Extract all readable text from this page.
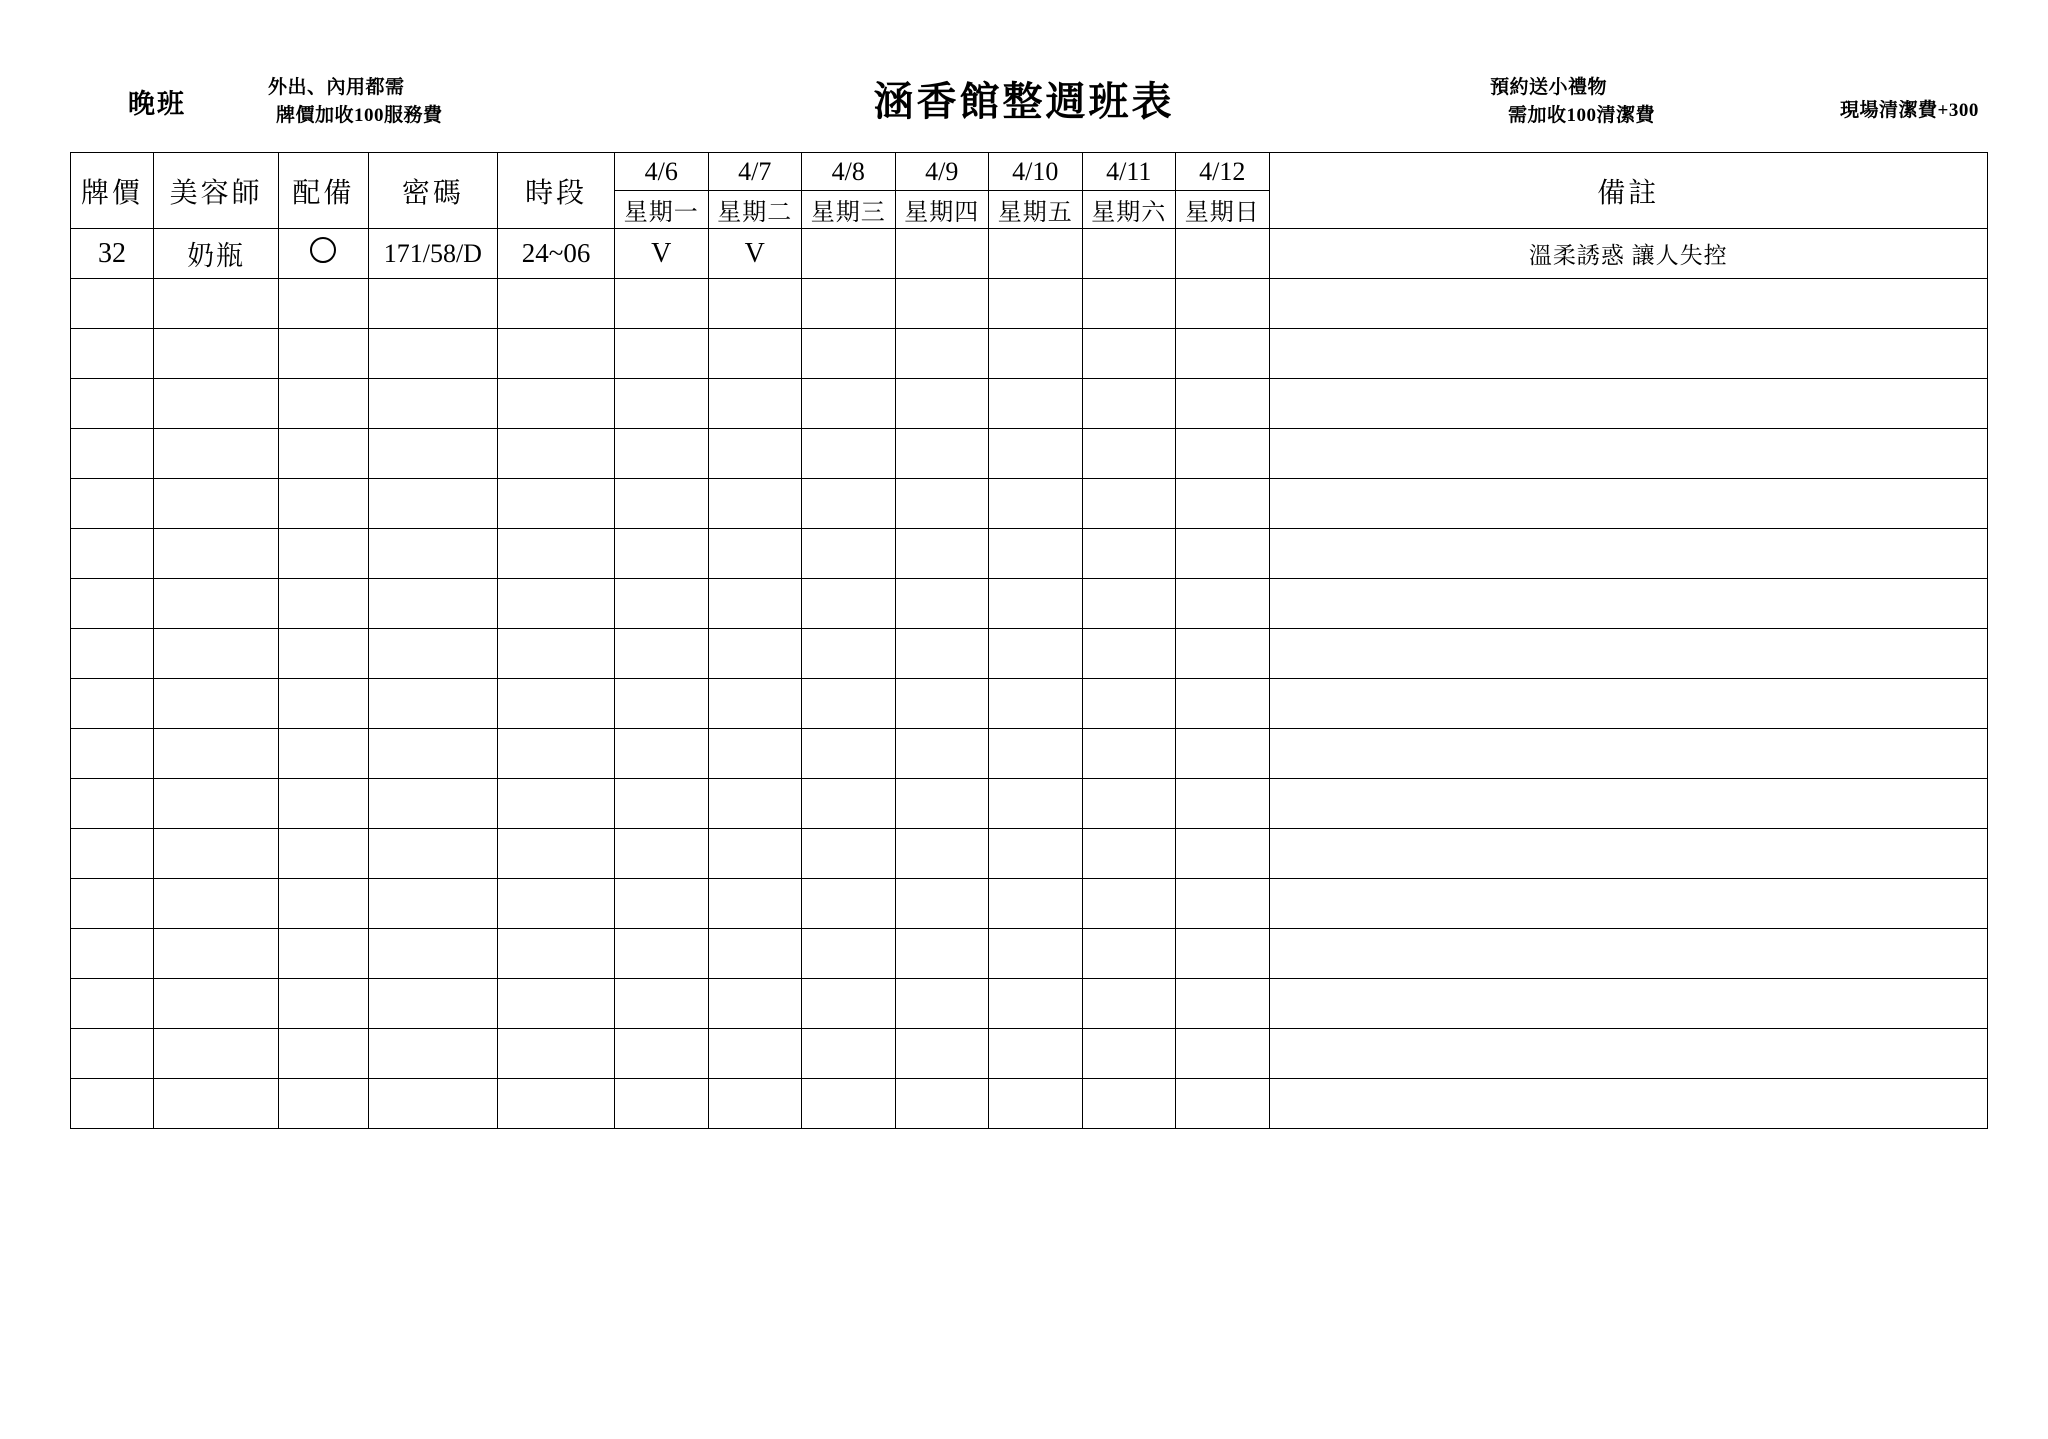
晚班
外出、內用都需
牌價加收100服務費	涵香館整週班表	預約送小禮物
需加收100清潔費	現場清潔費+300
牌價	美容師	配備	密碼	時段	4/6	4/7	4/8	4/9	4/10	4/11	4/12	備註
					星期一	星期二	星期三	星期四	星期五	星期六	星期日	
32	奶瓶		171/58/D	24~06	V	V						溫柔誘惑 讓人失控
